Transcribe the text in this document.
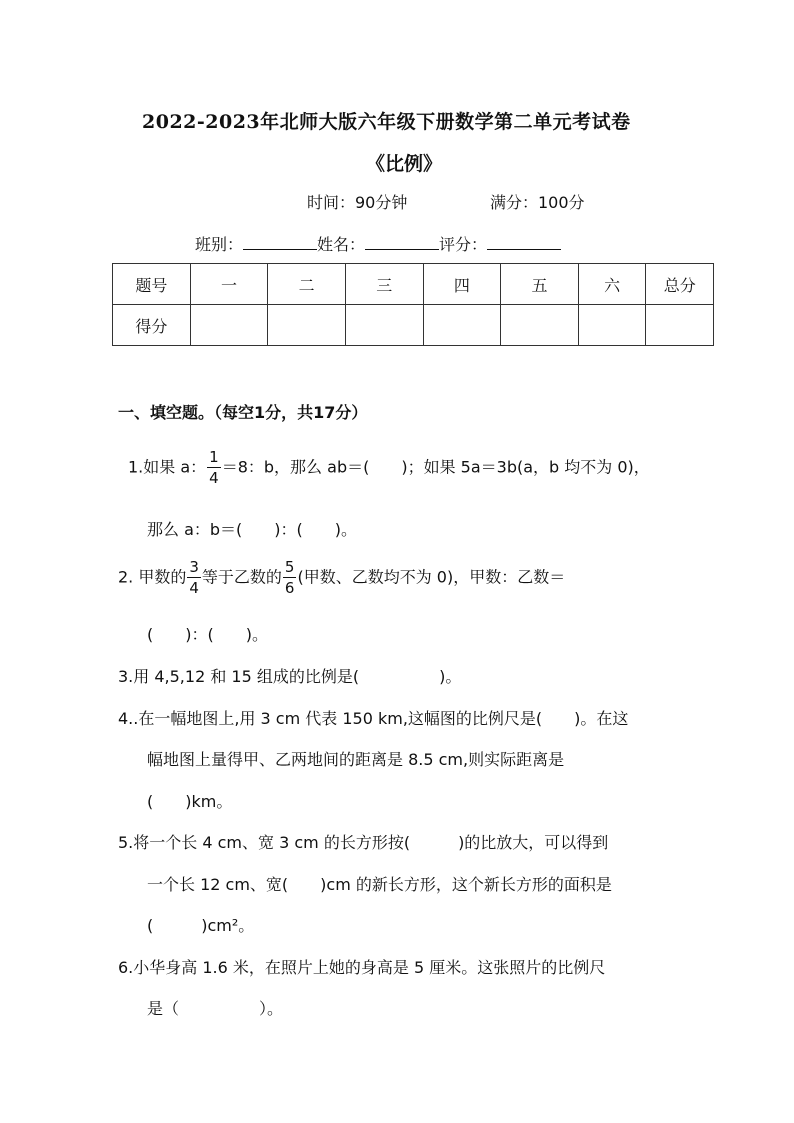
2022-2023年北师大版六年级下册数学第二单元考试卷
《比例》
时间：90分钟	满分：100分
班别：	姓名：	评分：
题号	一	二	三	四	五	六	总分
得分							
一、填空题。（每空1分，共17分）
1.如果 a： $\frac{1}{4} =8$：b，那么 ab＝(　　)；如果 5a＝3b(a，b 均不为 0)，
那么 a：b＝(　　)：(　　)。
2. 甲数的 $\frac{3}{4}$ 等于乙数的 $\frac{5}{6}$ (甲数、乙数均不为 0)，甲数：乙数＝
(　　)：(　　)。
3.用 4,5,12 和 15 组成的比例是(　　　　　)。
4..在一幅地图上,用 3 cm 代表 150 km,这幅图的比例尺是(　　)。在这
幅地图上量得甲、乙两地间的距离是 8.5 cm,则实际距离是
(　　)km。
5.将一个长 4 cm、宽 3 cm 的长方形按(　　　)的比放大，可以得到
一个长 12 cm、宽(　　)cm 的新长方形，这个新长方形的面积是
(　　　)cm²。
6.小华身高 1.6 米，在照片上她的身高是 5 厘米。这张照片的比例尺
是（　　　　　）。
